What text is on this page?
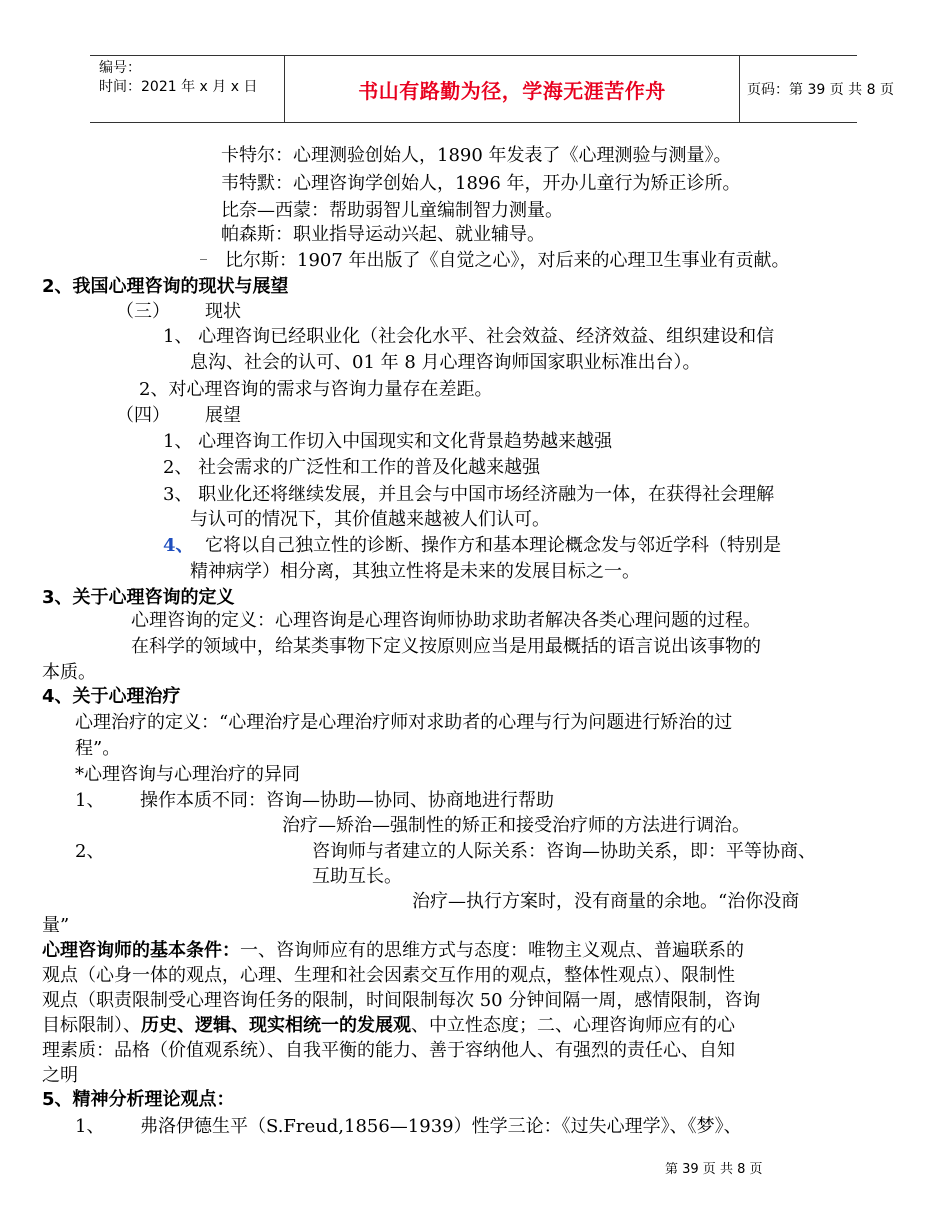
编号：
时间：2021 年 x 月 x 日	书山有路勤为径，学海无涯苦作舟	页码：第 39 页 共 8 页
卡特尔：心理测验创始人，1890 年发表了《心理测验与测量》。
韦特默：心理咨询学创始人，1896 年，开办儿童行为矫正诊所。
比奈—西蒙：帮助弱智儿童编制智力测量。
帕森斯：职业指导运动兴起、就业辅导。
比尔斯：1907 年出版了《自觉之心》，对后来的心理卫生事业有贡献。
2、我国心理咨询的现状与展望
（三） 现状
1、 心理咨询已经职业化（社会化水平、社会效益、经济效益、组织建设和信
息沟、社会的认可、01 年 8 月心理咨询师国家职业标准出台）。
2、对心理咨询的需求与咨询力量存在差距。
（四） 展望
1、 心理咨询工作切入中国现实和文化背景趋势越来越强
2、 社会需求的广泛性和工作的普及化越来越强
3、 职业化还将继续发展，并且会与中国市场经济融为一体，在获得社会理解
与认可的情况下，其价值越来越被人们认可。
4、 它将以自己独立性的诊断、操作方和基本理论概念发与邻近学科（特别是
精神病学）相分离，其独立性将是未来的发展目标之一。
3、关于心理咨询的定义
心理咨询的定义：心理咨询是心理咨询师协助求助者解决各类心理问题的过程。
在科学的领域中，给某类事物下定义按原则应当是用最概括的语言说出该事物的
本质。
4、关于心理治疗
心理治疗的定义：“心理治疗是心理治疗师对求助者的心理与行为问题进行矫治的过
程”。
*心理咨询与心理治疗的异同
1、 操作本质不同：咨询—协助—协同、协商地进行帮助
治疗—矫治—强制性的矫正和接受治疗师的方法进行调治。
2、	咨询师与者建立的人际关系：咨询—协助关系，即：平等协商、
互助互长。
治疗—执行方案时，没有商量的余地。“治你没商
量”
心理咨询师的基本条件：一、咨询师应有的思维方式与态度：唯物主义观点、普遍联系的
观点（心身一体的观点，心理、生理和社会因素交互作用的观点，整体性观点）、限制性
观点（职责限制受心理咨询任务的限制，时间限制每次 50 分钟间隔一周，感情限制，咨询
目标限制）、历史、逻辑、现实相统一的发展观、中立性态度；二、心理咨询师应有的心
理素质：品格（价值观系统）、自我平衡的能力、善于容纳他人、有强烈的责任心、自知
之明
5、精神分析理论观点：
1、 弗洛伊德生平（S.Freud,1856—1939）性学三论：《过失心理学》、《梦》、
第 39 页 共 8 页
